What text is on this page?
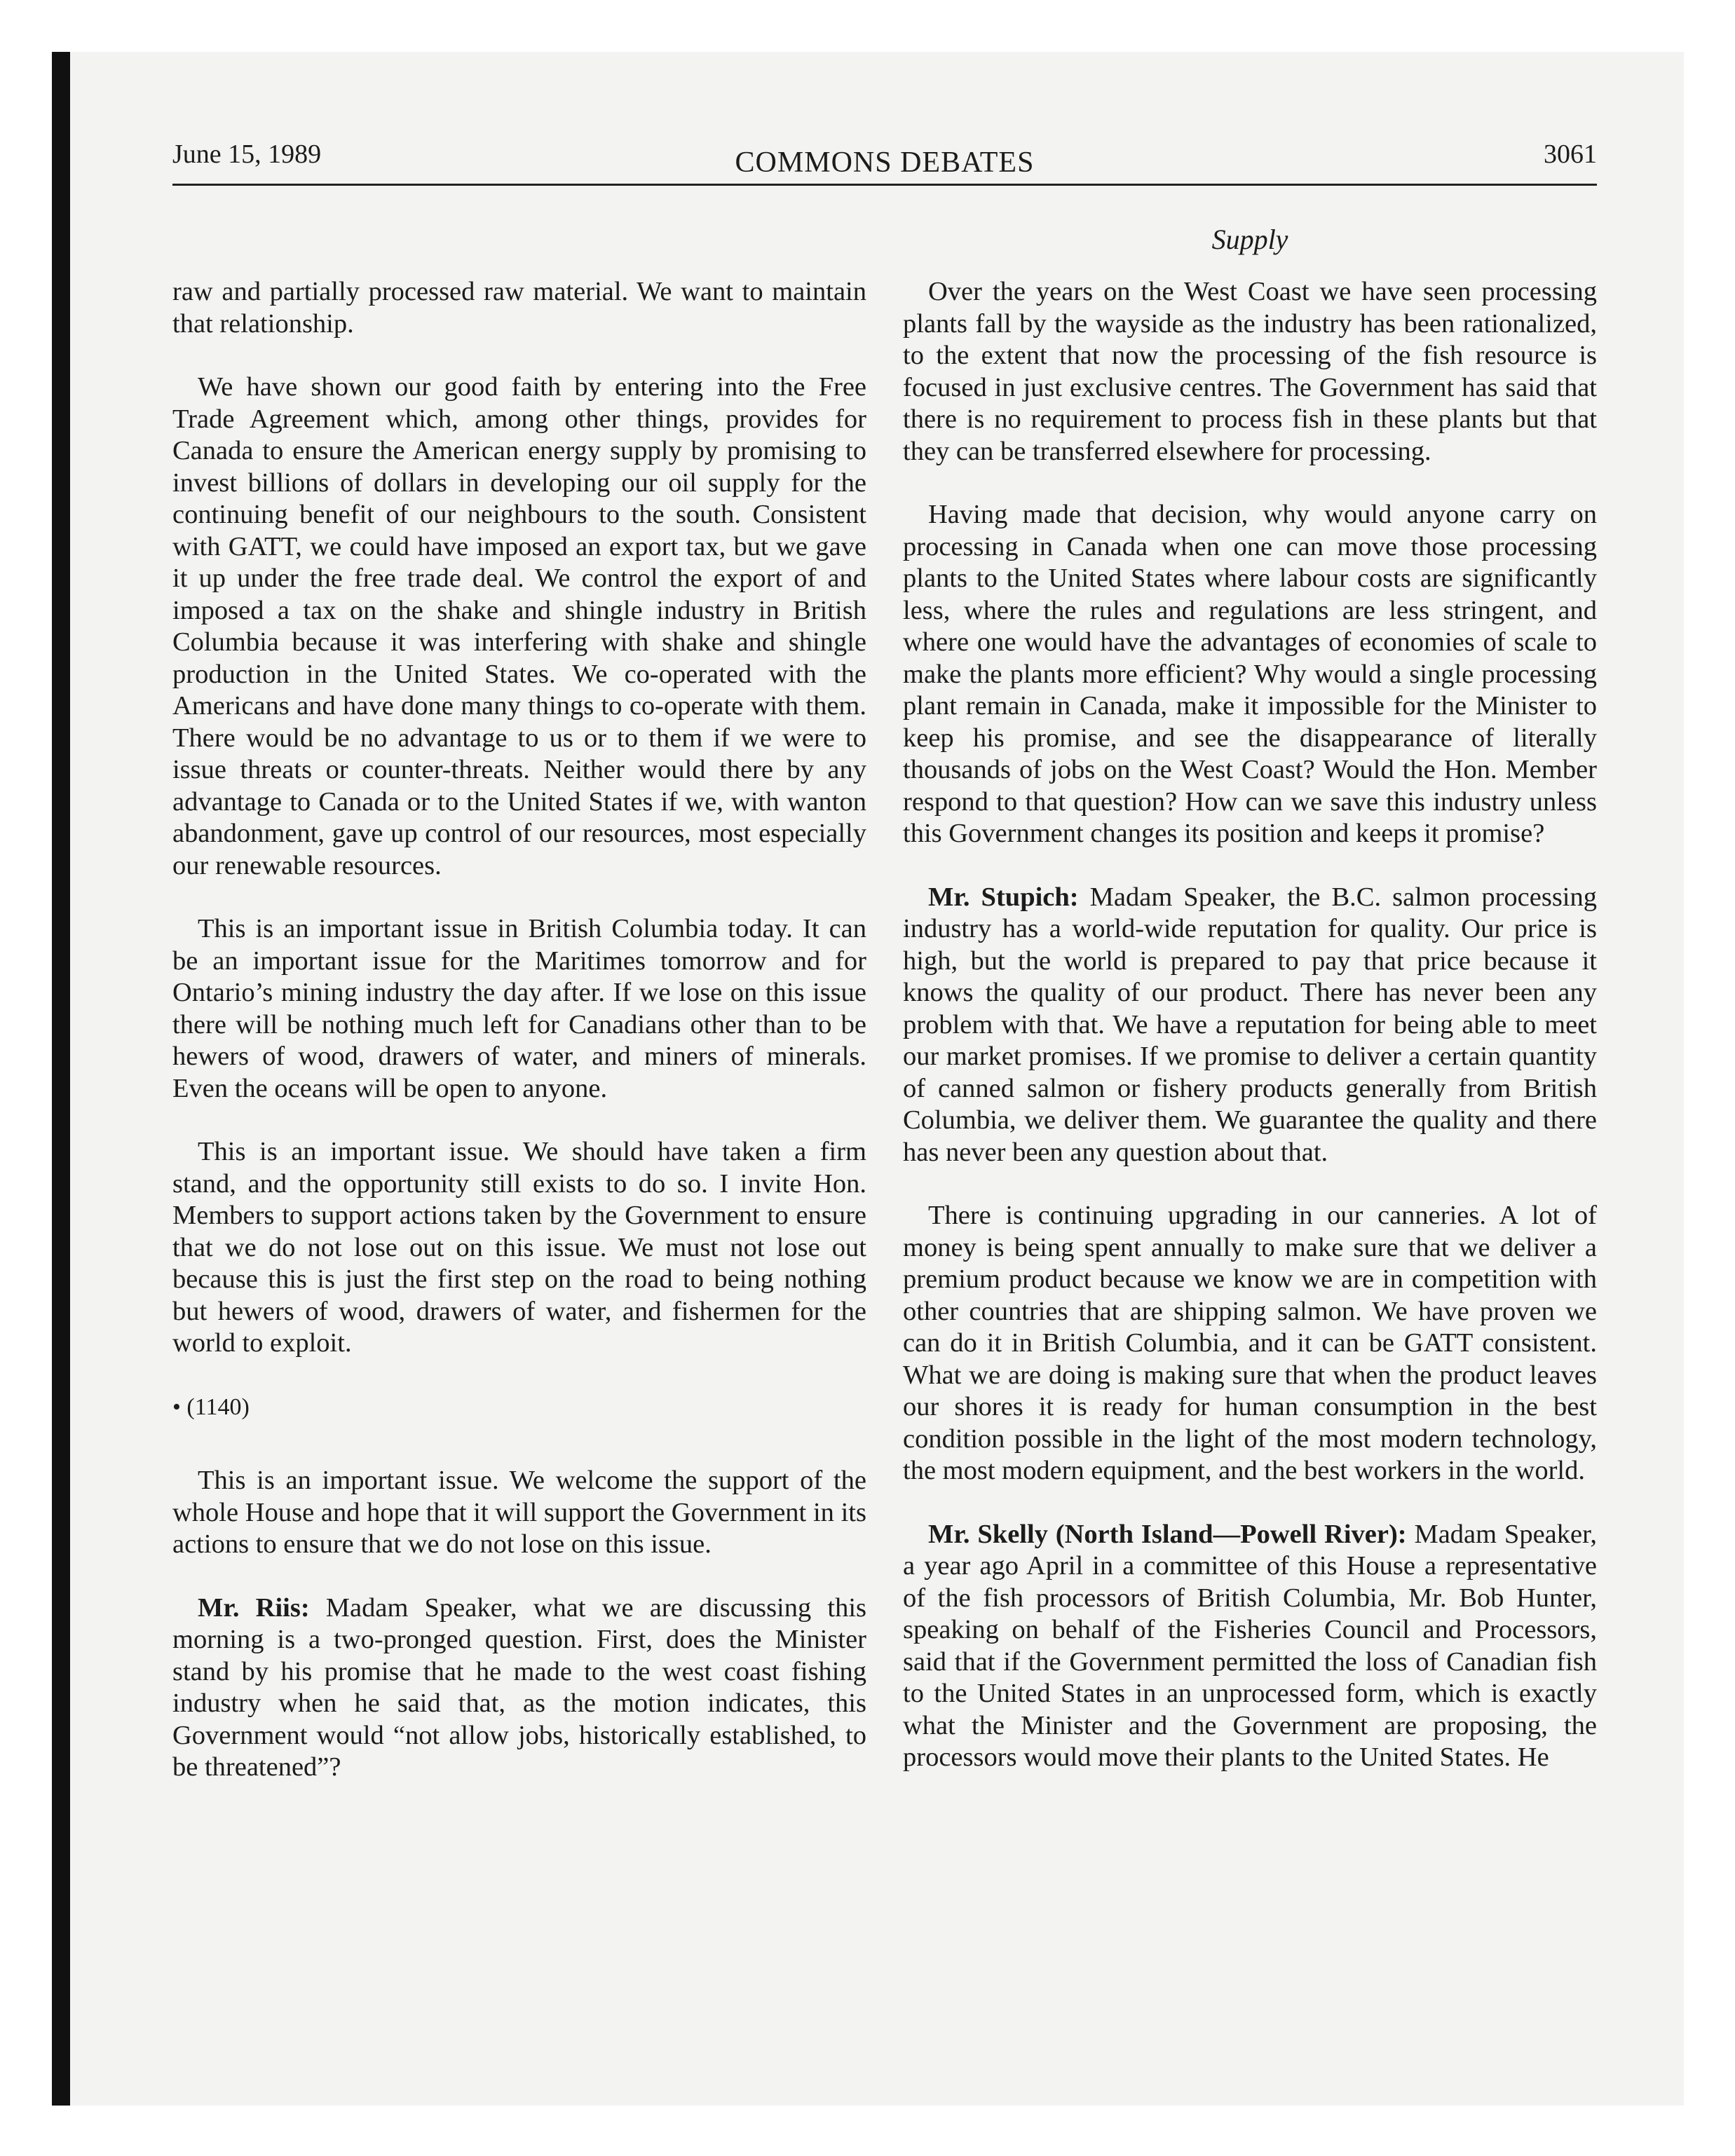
June 15, 1989	COMMONS DEBATES	3061
Supply

raw and partially processed raw material. We want to maintain that relationship.

We have shown our good faith by entering into the Free Trade Agreement which, among other things, provides for Canada to ensure the American energy supply by promising to invest billions of dollars in developing our oil supply for the continuing benefit of our neighbours to the south. Consistent with GATT, we could have imposed an export tax, but we gave it up under the free trade deal. We control the export of and imposed a tax on the shake and shingle industry in British Columbia because it was interfering with shake and shingle production in the United States. We co-operated with the Americans and have done many things to co-operate with them. There would be no advantage to us or to them if we were to issue threats or counter-threats. Neither would there by any advantage to Canada or to the United States if we, with wanton abandonment, gave up control of our resources, most especially our renewable resources.

This is an important issue in British Columbia today. It can be an important issue for the Maritimes tomorrow and for Ontario’s mining industry the day after. If we lose on this issue there will be nothing much left for Canadians other than to be hewers of wood, drawers of water, and miners of minerals. Even the oceans will be open to anyone.

This is an important issue. We should have taken a firm stand, and the opportunity still exists to do so. I invite Hon. Members to support actions taken by the Government to ensure that we do not lose out on this issue. We must not lose out because this is just the first step on the road to being nothing but hewers of wood, drawers of water, and fishermen for the world to exploit.

• (1140)

This is an important issue. We welcome the support of the whole House and hope that it will support the Government in its actions to ensure that we do not lose on this issue.

Mr. Riis: Madam Speaker, what we are discussing this morning is a two-pronged question. First, does the Minister stand by his promise that he made to the west coast fishing industry when he said that, as the motion indicates, this Government would “not allow jobs, historically established, to be threatened”?

Over the years on the West Coast we have seen processing plants fall by the wayside as the industry has been rationalized, to the extent that now the processing of the fish resource is focused in just exclusive centres. The Government has said that there is no requirement to process fish in these plants but that they can be transferred elsewhere for processing.

Having made that decision, why would anyone carry on processing in Canada when one can move those processing plants to the United States where labour costs are significantly less, where the rules and regulations are less stringent, and where one would have the advantages of economies of scale to make the plants more efficient? Why would a single processing plant remain in Canada, make it impossible for the Minister to keep his promise, and see the disappearance of literally thousands of jobs on the West Coast? Would the Hon. Member respond to that question? How can we save this industry unless this Government changes its position and keeps it promise?

Mr. Stupich: Madam Speaker, the B.C. salmon processing industry has a world-wide reputation for quality. Our price is high, but the world is prepared to pay that price because it knows the quality of our product. There has never been any problem with that. We have a reputation for being able to meet our market promises. If we promise to deliver a certain quantity of canned salmon or fishery products generally from British Columbia, we deliver them. We guarantee the quality and there has never been any question about that.

There is continuing upgrading in our canneries. A lot of money is being spent annually to make sure that we deliver a premium product because we know we are in competition with other countries that are shipping salmon. We have proven we can do it in British Columbia, and it can be GATT consistent. What we are doing is making sure that when the product leaves our shores it is ready for human consumption in the best condition possible in the light of the most modern technology, the most modern equipment, and the best workers in the world.

Mr. Skelly (North Island—Powell River): Madam Speaker, a year ago April in a committee of this House a representative of the fish processors of British Columbia, Mr. Bob Hunter, speaking on behalf of the Fisheries Council and Processors, said that if the Government permitted the loss of Canadian fish to the United States in an unprocessed form, which is exactly what the Minister and the Government are proposing, the processors would move their plants to the United States. He
